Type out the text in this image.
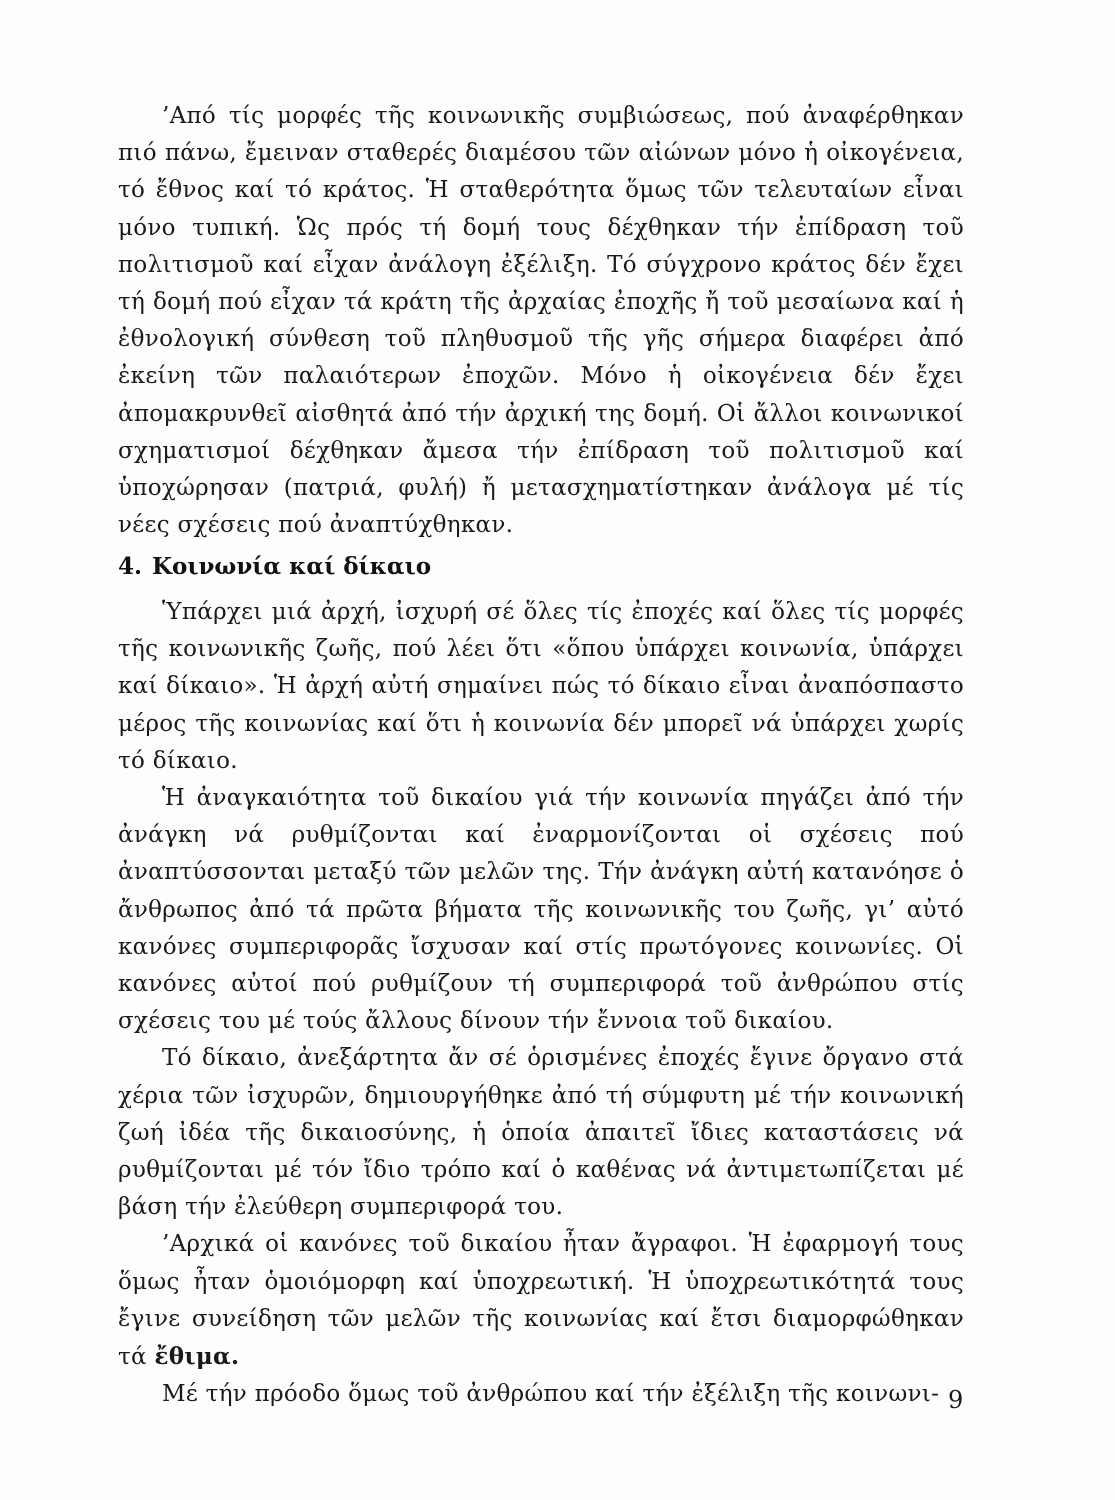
’Από τίς μορφές τῆς κοινωνικῆς συμβιώσεως, πού ἀναφέρθηκαν πιό πάνω, ἔμειναν σταθερές διαμέσου τῶν αἰώνων μόνο ἡ οἰκογένεια, τό ἔθνος καί τό κράτος. Ἡ σταθερότητα ὅμως τῶν τελευταίων εἶναι μόνο τυπική. Ὡς πρός τή δομή τους δέχθηκαν τήν ἐπίδραση τοῦ πολιτισμοῦ καί εἶχαν ἀνάλογη ἐξέλιξη. Τό σύγχρονο κράτος δέν ἔχει τή δομή πού εἶχαν τά κράτη τῆς ἀρχαίας ἐποχῆς ἤ τοῦ μεσαίωνα καί ἡ ἐθνολογική σύνθεση τοῦ πληθυσμοῦ τῆς γῆς σήμερα διαφέρει ἀπό ἐκείνη τῶν παλαιότερων ἐποχῶν. Μόνο ἡ οἰκογένεια δέν ἔχει ἀπομακρυνθεῖ αἰσθητά ἀπό τήν ἀρχική της δομή. Οἱ ἄλλοι κοινωνικοί σχηματισμοί δέχθηκαν ἄμεσα τήν ἐπίδραση τοῦ πολιτισμοῦ καί ὑποχώρησαν (πατριά, φυλή) ἤ μετασχηματίστηκαν ἀνάλογα μέ τίς νέες σχέσεις πού ἀναπτύχθηκαν.

4. Κοινωνία καί δίκαιο

Ὑπάρχει μιά ἀρχή, ἰσχυρή σέ ὅλες τίς ἐποχές καί ὅλες τίς μορφές τῆς κοινωνικῆς ζωῆς, πού λέει ὅτι «ὅπου ὑπάρχει κοινωνία, ὑπάρχει καί δίκαιο». Ἡ ἀρχή αὐτή σημαίνει πώς τό δίκαιο εἶναι ἀναπόσπαστο μέρος τῆς κοινωνίας καί ὅτι ἡ κοινωνία δέν μπορεῖ νά ὑπάρχει χωρίς τό δίκαιο.

Ἡ ἀναγκαιότητα τοῦ δικαίου γιά τήν κοινωνία πηγάζει ἀπό τήν ἀνάγκη νά ρυθμίζονται καί ἐναρμονίζονται οἱ σχέσεις πού ἀναπτύσσονται μεταξύ τῶν μελῶν της. Τήν ἀνάγκη αὐτή κατανόησε ὁ ἄνθρωπος ἀπό τά πρῶτα βήματα τῆς κοινωνικῆς του ζωῆς, γι’ αὐτό κανόνες συμπεριφορᾶς ἴσχυσαν καί στίς πρωτόγονες κοινωνίες. Οἱ κανόνες αὐτοί πού ρυθμίζουν τή συμπεριφορά τοῦ ἀνθρώπου στίς σχέσεις του μέ τούς ἄλλους δίνουν τήν ἔννοια τοῦ δικαίου.

Τό δίκαιο, ἀνεξάρτητα ἄν σέ ὁρισμένες ἐποχές ἔγινε ὄργανο στά χέρια τῶν ἰσχυρῶν, δημιουργήθηκε ἀπό τή σύμφυτη μέ τήν κοινωνική ζωή ἰδέα τῆς δικαιοσύνης, ἡ ὁποία ἀπαιτεῖ ἴδιες καταστάσεις νά ρυθμίζονται μέ τόν ἴδιο τρόπο καί ὁ καθένας νά ἀντιμετωπίζεται μέ βάση τήν ἐλεύθερη συμπεριφορά του.

’Αρχικά οἱ κανόνες τοῦ δικαίου ἦταν ἄγραφοι. Ἡ ἐφαρμογή τους ὅμως ἦταν ὁμοιόμορφη καί ὑποχρεωτική. Ἡ ὑποχρεωτικότητά τους ἔγινε συνείδηση τῶν μελῶν τῆς κοινωνίας καί ἔτσι διαμορφώθηκαν τά ἔθιμα.

Μέ τήν πρόοδο ὅμως τοῦ ἀνθρώπου καί τήν ἐξέλιξη τῆς κοινωνι- 9
